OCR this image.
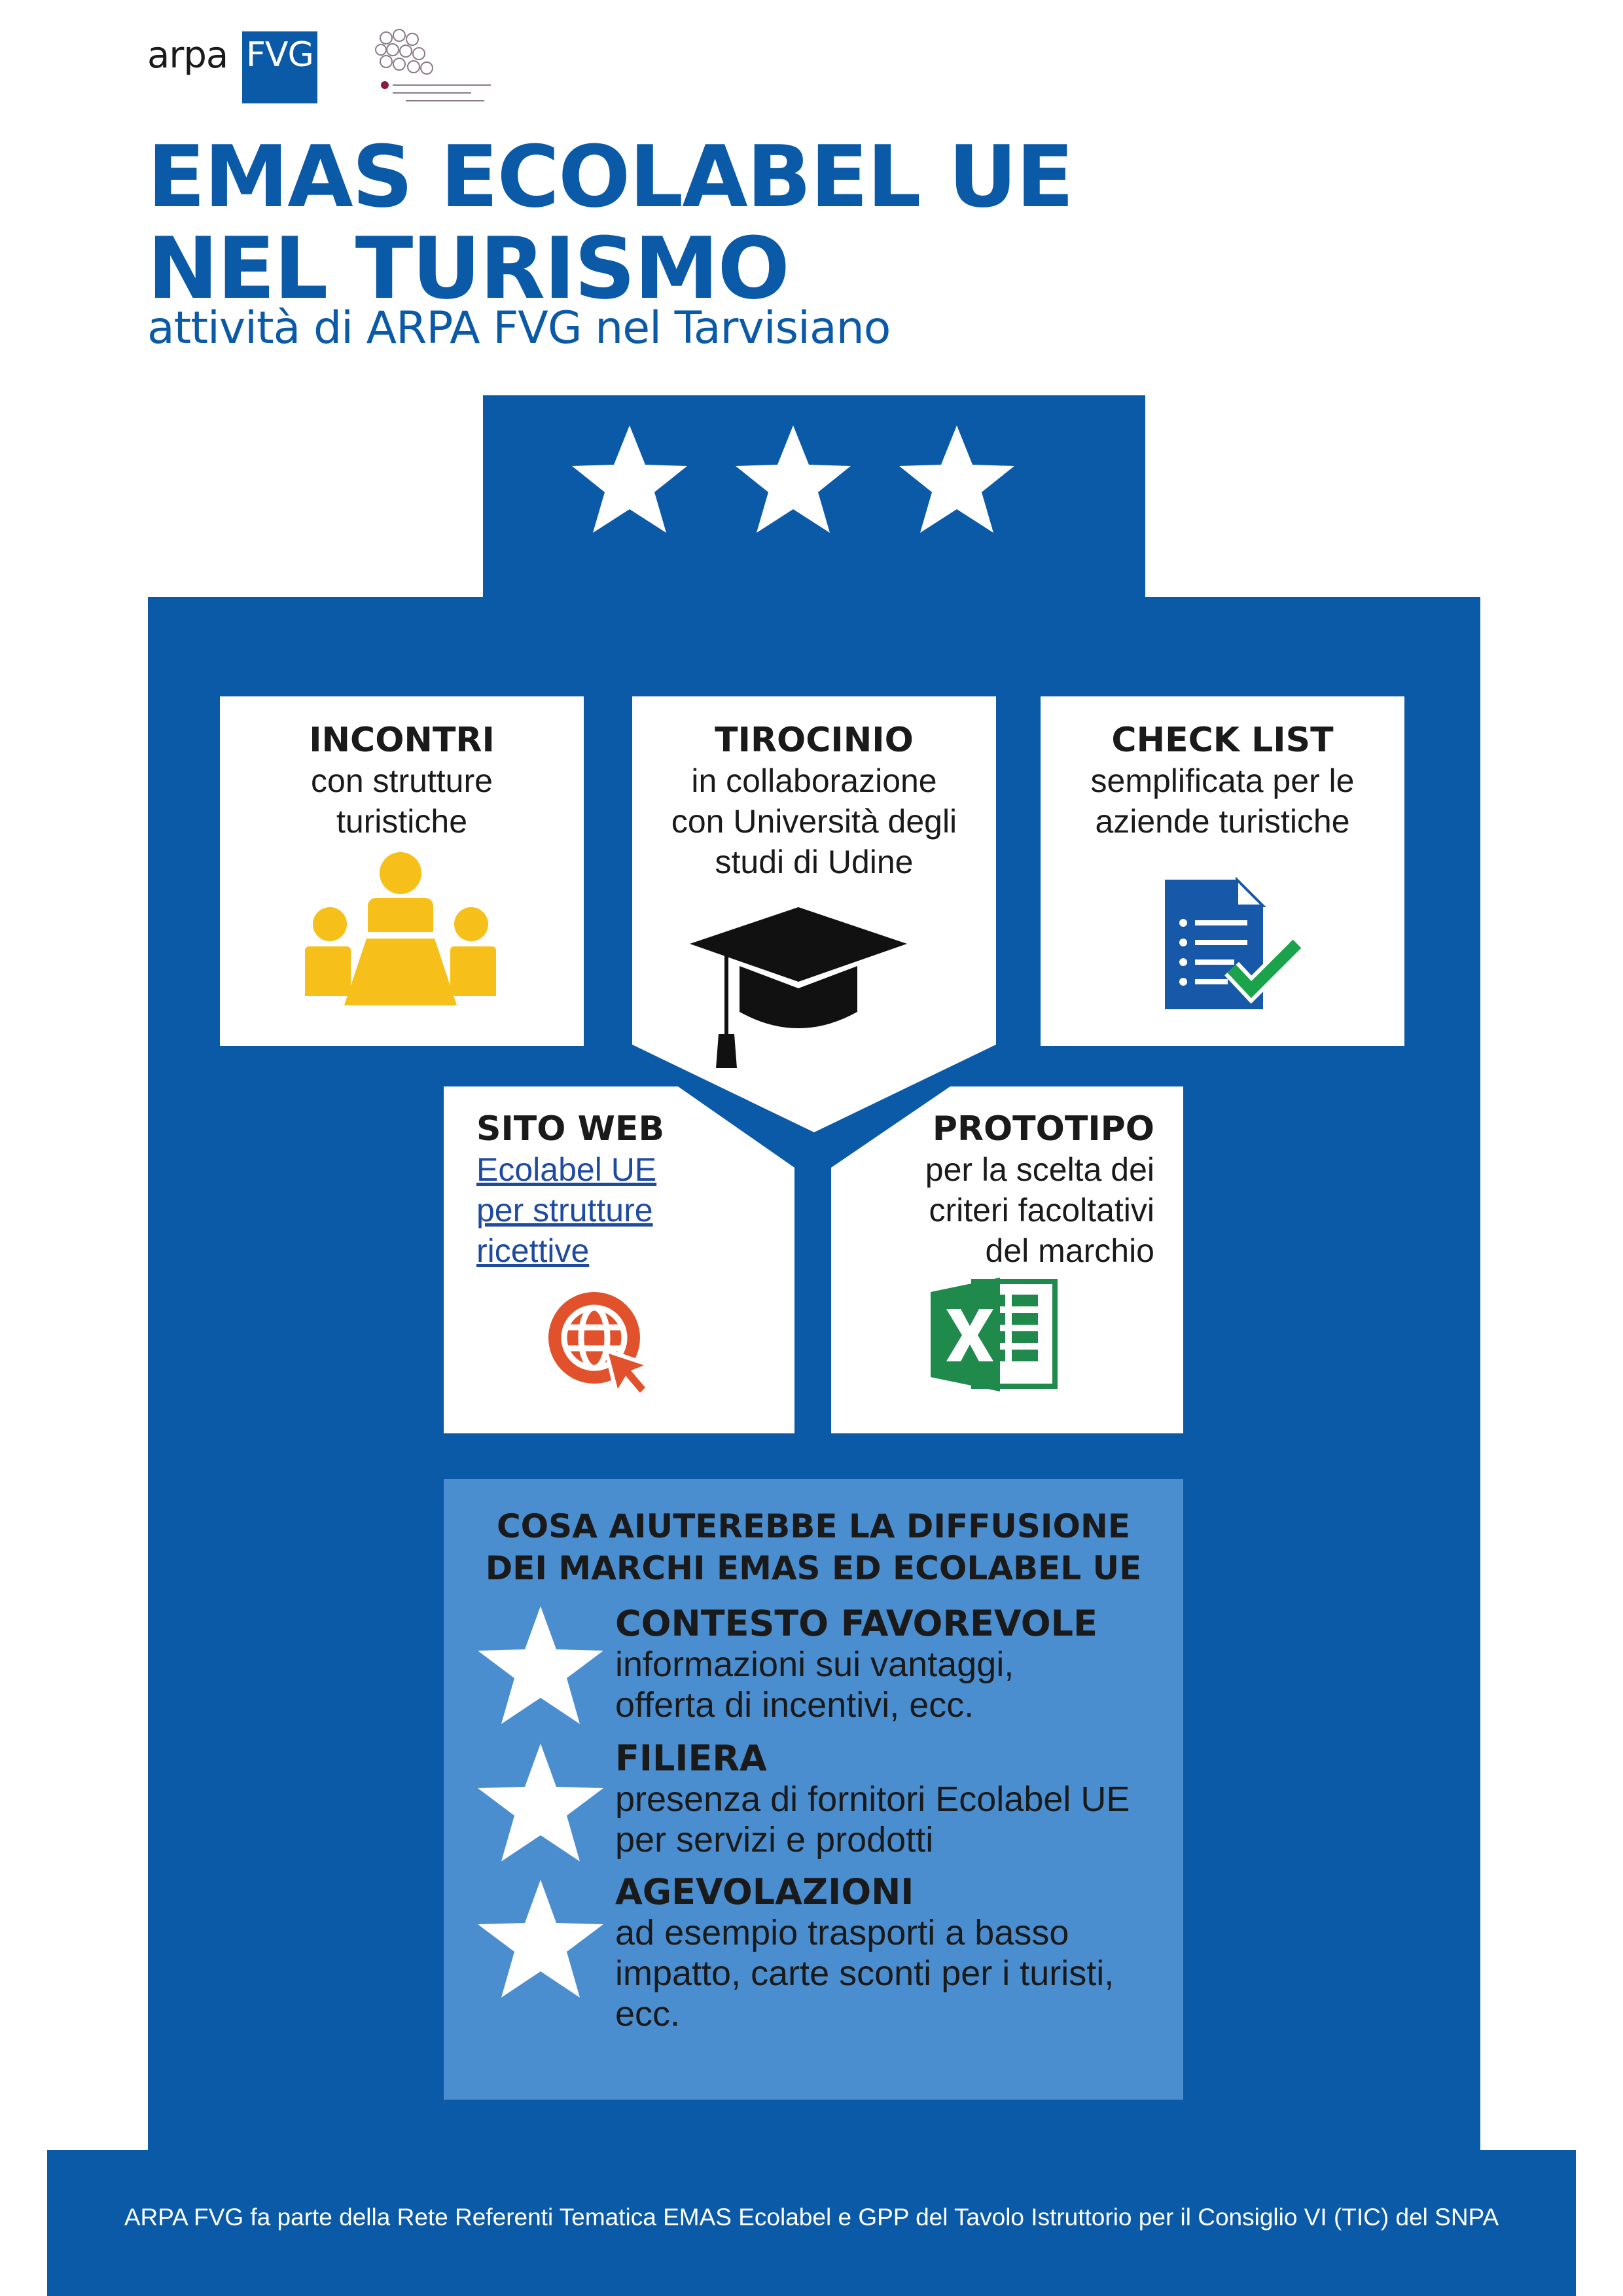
arpa FVG
EMAS ECOLABEL UE
NEL TURISMO
attività di ARPA FVG nel Tarvisiano
INCONTRI
con strutture
turistiche
TIROCINIO
in collaborazione
con Università degli
studi di Udine
CHECK LIST
semplificata per le
aziende turistiche
SITO WEB
Ecolabel UE
per strutture
ricettive
PROTOTIPO
per la scelta dei
criteri facoltativi
del marchio
COSA AIUTEREBBE LA DIFFUSIONE
DEI MARCHI EMAS ED ECOLABEL UE
CONTESTO FAVOREVOLE
informazioni sui vantaggi,
offerta di incentivi, ecc.
FILIERA
presenza di fornitori Ecolabel UE
per servizi e prodotti
AGEVOLAZIONI
ad esempio trasporti a basso
impatto, carte sconti per i turisti,
ecc.
ARPA FVG fa parte della Rete Referenti Tematica EMAS Ecolabel e GPP del Tavolo Istruttorio per il Consiglio VI (TIC) del SNPA
